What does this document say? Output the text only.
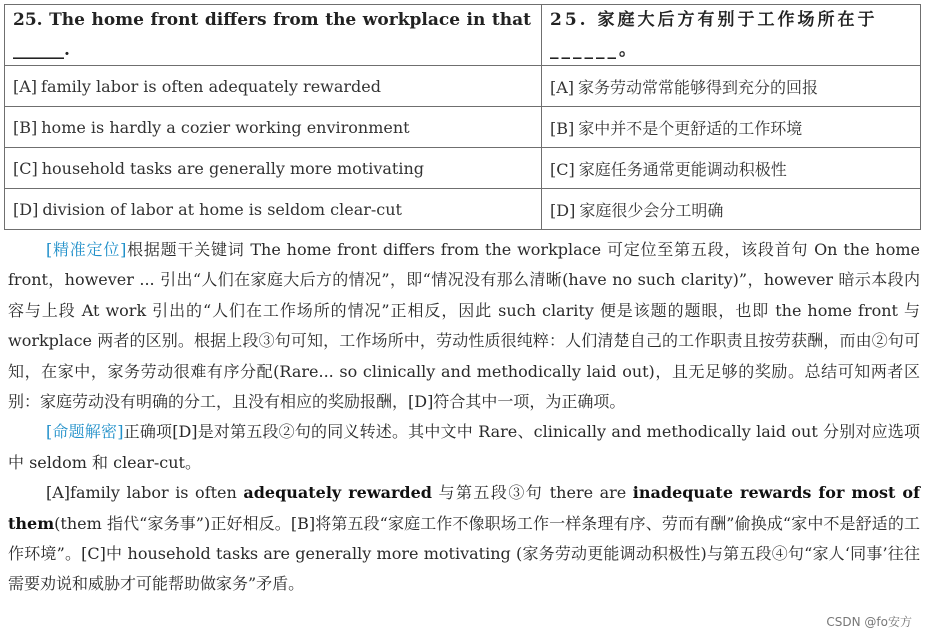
25. The home front differs from the workplace in that ______.	25. 家庭大后方有别于工作场所在于______。

[A] family labor is often adequately rewarded	[A] 家务劳动常常能够得到充分的回报
[B] home is hardly a cozier working environment	[B] 家中并不是个更舒适的工作环境
[C] household tasks are generally more motivating	[C] 家庭任务通常更能调动积极性
[D] division of labor at home is seldom clear-cut	[D] 家庭很少会分工明确

[精准定位]根据题干关键词 The home front differs from the workplace 可定位至第五段，该段首句 On the home front，however ... 引出“人们在家庭大后方的情况”，即“情况没有那么清晰(have no such clarity)”，however 暗示本段内容与上段 At work 引出的“人们在工作场所的情况”正相反，因此 such clarity 便是该题的题眼，也即 the home front 与 workplace 两者的区别。根据上段③句可知，工作场所中，劳动性质很纯粹：人们清楚自己的工作职责且按劳获酬，而由②句可知，在家中，家务劳动很难有序分配(Rare... so clinically and methodically laid out)，且无足够的奖励。总结可知两者区别：家庭劳动没有明确的分工，且没有相应的奖励报酬，[D]符合其中一项，为正确项。

[命题解密]正确项[D]是对第五段②句的同义转述。其中文中 Rare、clinically and methodically laid out 分别对应选项中 seldom 和 clear-cut。

[A]family labor is often adequately rewarded 与第五段③句 there are inadequate rewards for most of them(them 指代“家务事”)正好相反。[B]将第五段“家庭工作不像职场工作一样条理有序、劳而有酬”偷换成“家中不是舒适的工作环境”。[C]中 household tasks are generally more motivating (家务劳动更能调动积极性)与第五段④句“家人‘同事’往往需要劝说和威胁才可能帮助做家务”矛盾。

CSDN @fo安方
